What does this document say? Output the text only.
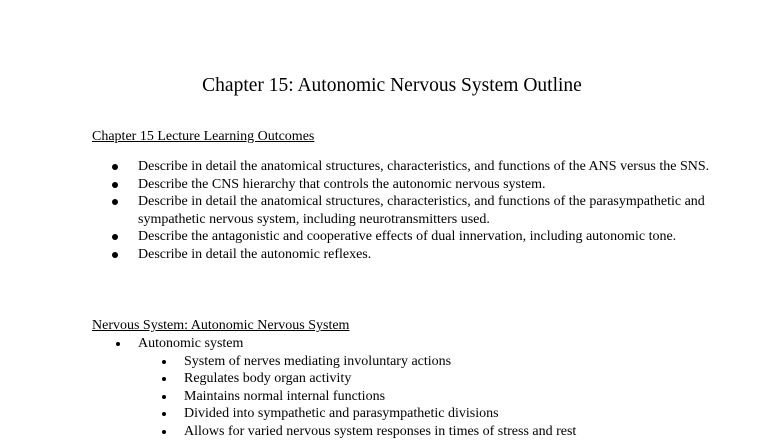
Chapter 15: Autonomic Nervous System Outline
Chapter 15 Lecture Learning Outcomes
Describe in detail the anatomical structures, characteristics, and functions of the ANS versus the SNS.
Describe the CNS hierarchy that controls the autonomic nervous system.
Describe in detail the anatomical structures, characteristics, and functions of the parasympathetic and sympathetic nervous system, including neurotransmitters used.
Describe the antagonistic and cooperative effects of dual innervation, including autonomic tone.
Describe in detail the autonomic reflexes.
Nervous System: Autonomic Nervous System
Autonomic system
System of nerves mediating involuntary actions
Regulates body organ activity
Maintains normal internal functions
Divided into sympathetic and parasympathetic divisions
Allows for varied nervous system responses in times of stress and rest
